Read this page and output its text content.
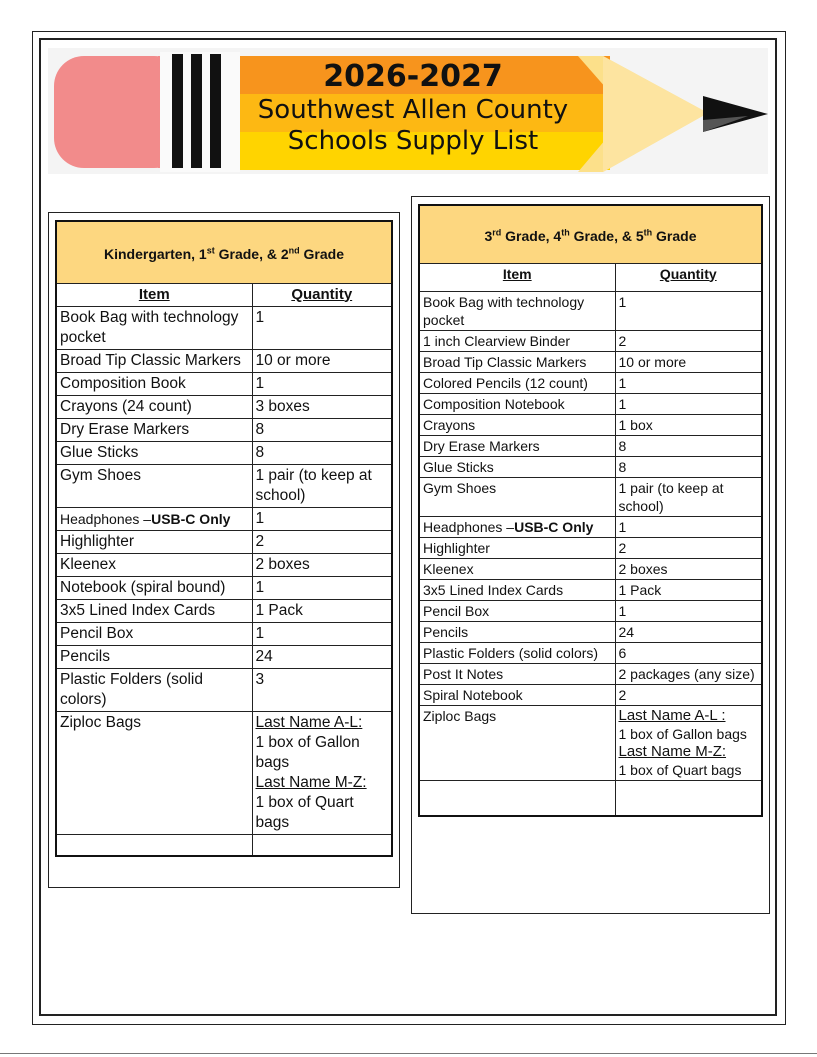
2026-2027
Southwest Allen County
Schools Supply List
Kindergarten, 1st Grade, & 2nd Grade	
Item	Quantity
Book Bag with technology pocket	1
Broad Tip Classic Markers	10 or more
Composition Book	1
Crayons (24 count)	3 boxes
Dry Erase Markers	8
Glue Sticks	8
Gym Shoes	1 pair (to keep at school)
Headphones –USB-C Only	1
Highlighter	2
Kleenex	2 boxes
Notebook (spiral bound)	1
3x5 Lined Index Cards	1 Pack
Pencil Box	1
Pencils	24
Plastic Folders (solid colors)	3
Ziploc Bags	Last Name A-L:
1 box of Gallon bags
Last Name M-Z:
1 box of Quart bags

3rd Grade, 4th Grade, & 5th Grade	
Item	Quantity
Book Bag with technology pocket	1
1 inch Clearview Binder	2
Broad Tip Classic Markers	10 or more
Colored Pencils (12 count)	1
Composition Notebook	1
Crayons	1 box
Dry Erase Markers	8
Glue Sticks	8
Gym Shoes	1 pair (to keep at school)
Headphones –USB-C Only	1
Highlighter	2
Kleenex	2 boxes
3x5 Lined Index Cards	1 Pack
Pencil Box	1
Pencils	24
Plastic Folders (solid colors)	6
Post It Notes	2 packages (any size)
Spiral Notebook	2
Ziploc Bags	Last Name A-L :
1 box of Gallon bags
Last Name M-Z:
1 box of Quart bags
